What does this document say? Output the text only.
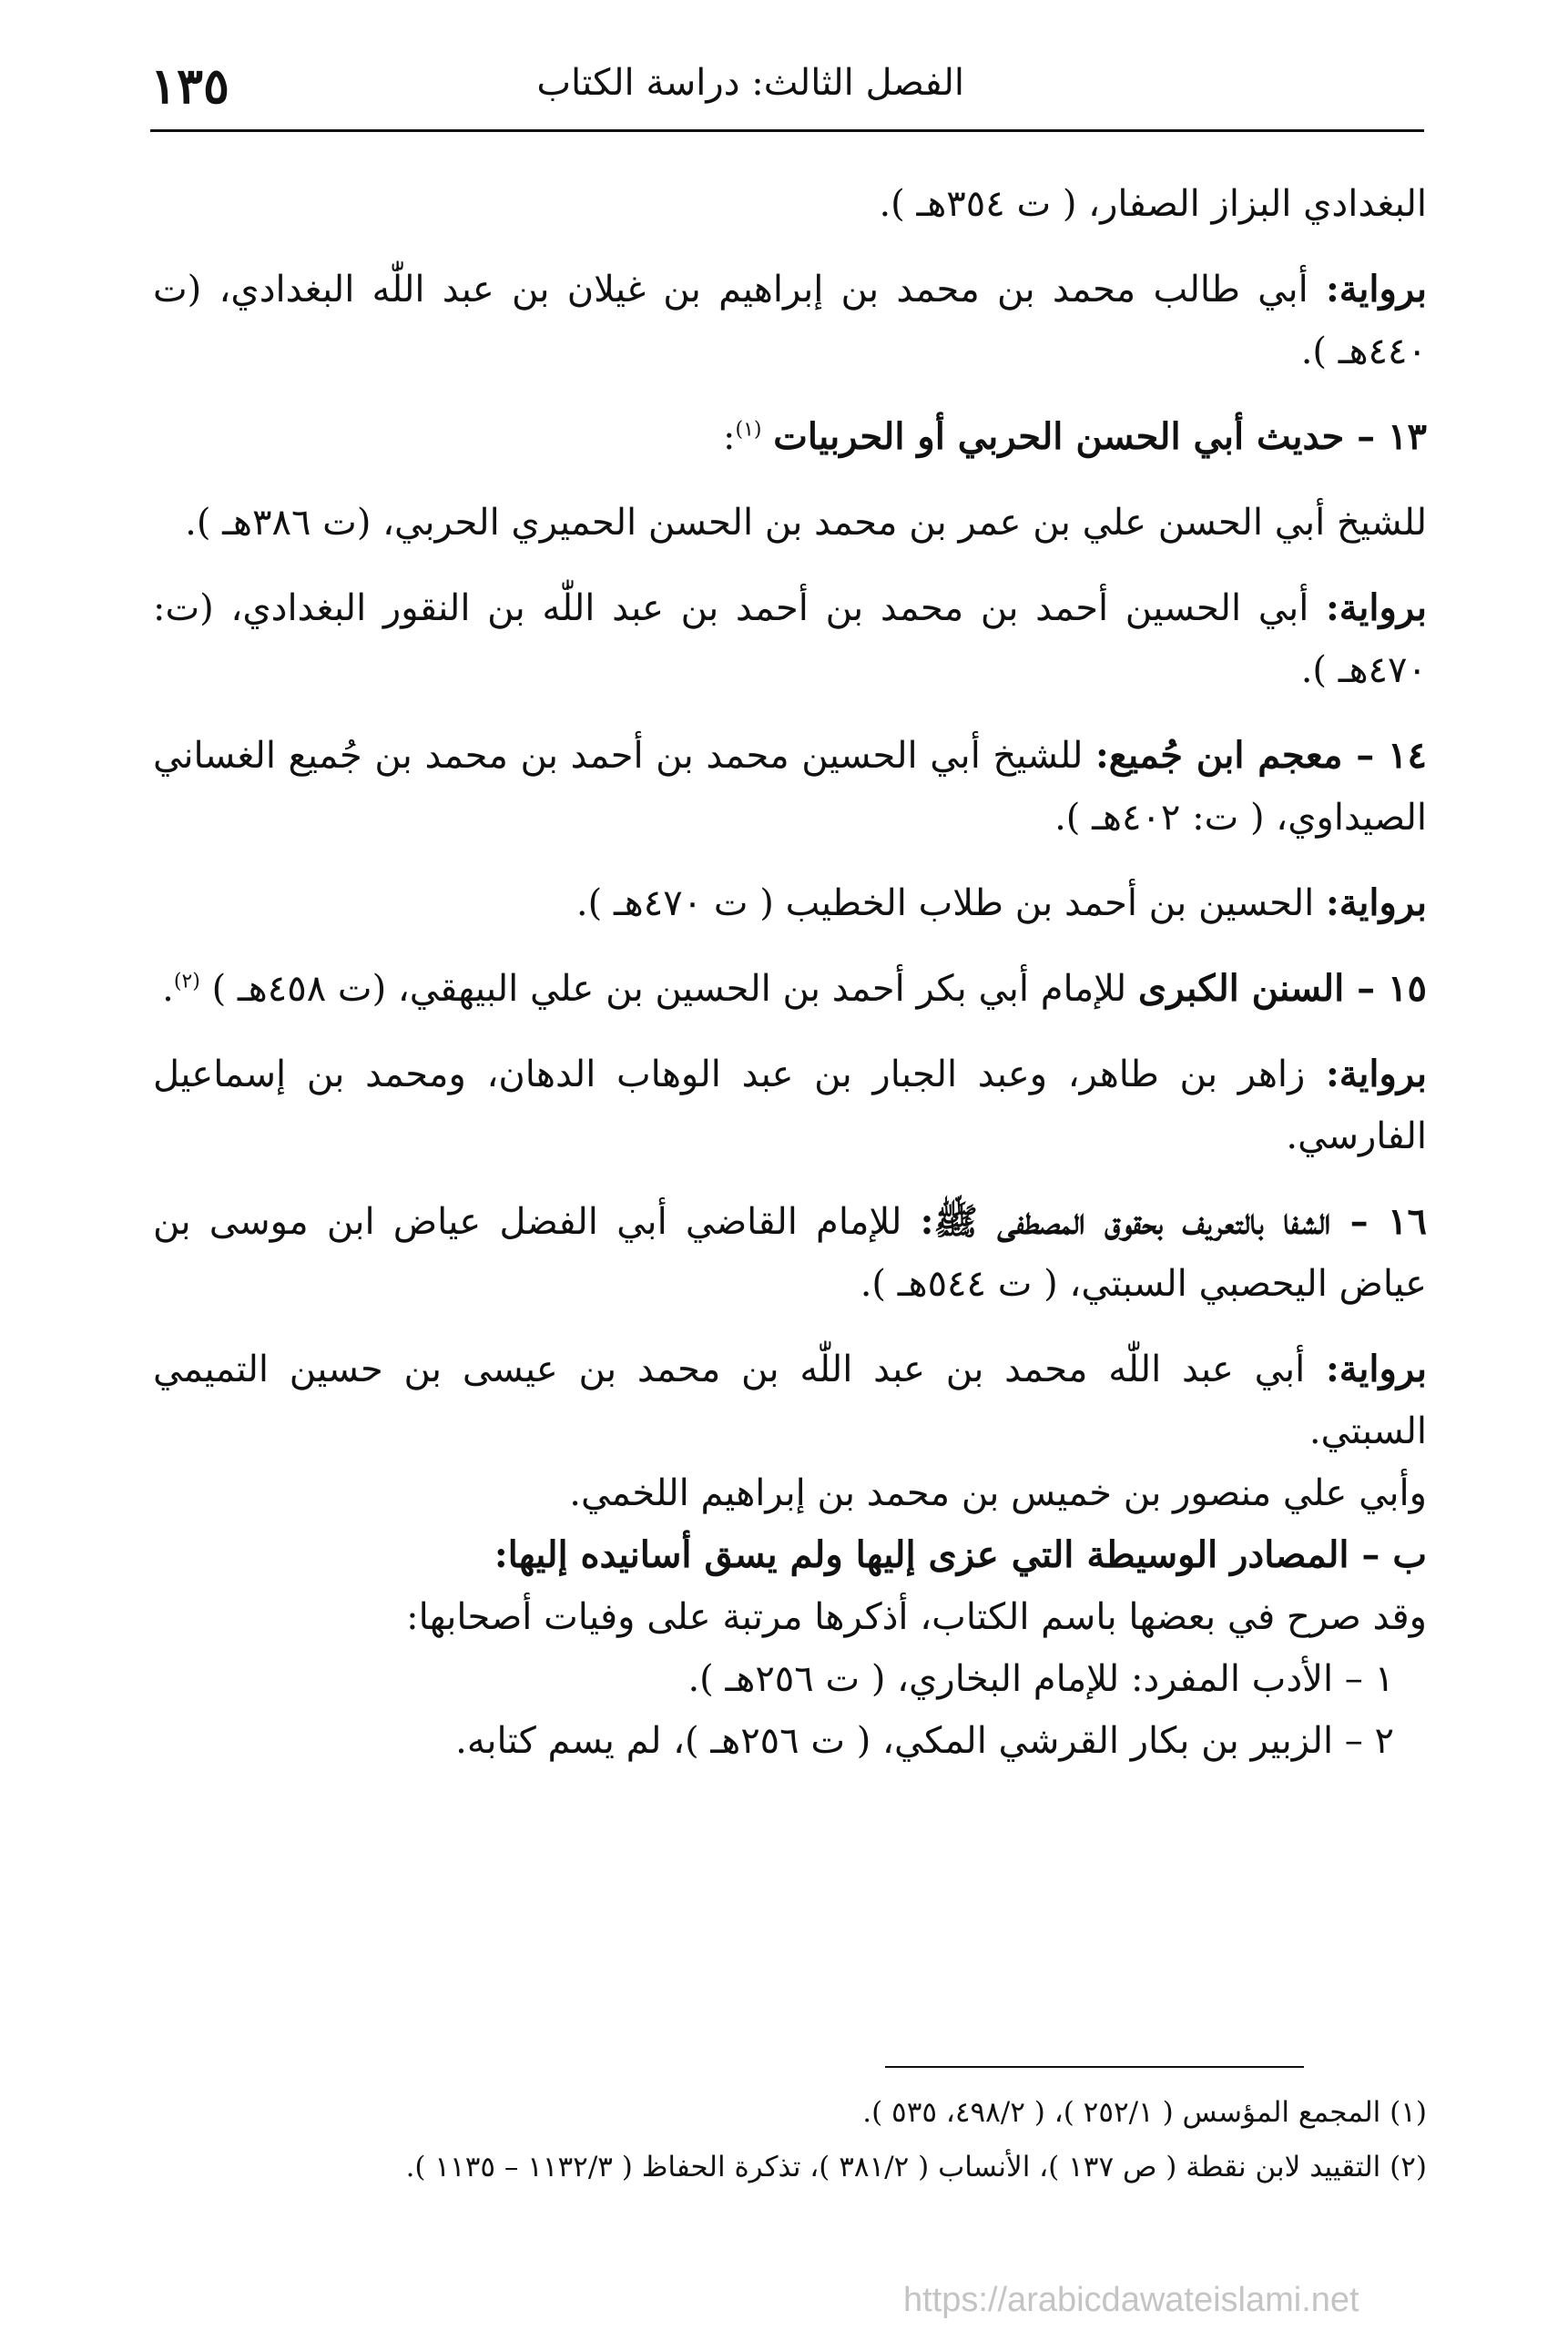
الفصل الثالث: دراسة الكتاب
١٣٥

البغدادي البزاز الصفار، ( ت ٣٥٤هـ ).

برواية: أبي طالب محمد بن محمد بن إبراهيم بن غيلان بن عبد اللّٰه البغدادي، (ت ٤٤٠هـ ).

١٣ – حديث أبي الحسن الحربي أو الحربيات $^{(١)}$:

للشيخ أبي الحسن علي بن عمر بن محمد بن الحسن الحميري الحربي، (ت ٣٨٦هـ ).

برواية: أبي الحسين أحمد بن محمد بن أحمد بن عبد اللّٰه بن النقور البغدادي، (ت: ٤٧٠هـ ).

١٤ – معجم ابن جُميع: للشيخ أبي الحسين محمد بن أحمد بن محمد بن جُميع الغساني الصيداوي، ( ت: ٤٠٢هـ ).

برواية: الحسين بن أحمد بن طلاب الخطيب ( ت ٤٧٠هـ ).

١٥ – السنن الكبرى للإمام أبي بكر أحمد بن الحسين بن علي البيهقي، (ت ٤٥٨هـ ) $^{(٢)}$.

برواية: زاهر بن طاهر، وعبد الجبار بن عبد الوهاب الدهان، ومحمد بن إسماعيل الفارسي.

١٦ – الشفا بالتعريف بحقوق المصطفى ﷺ: للإمام القاضي أبي الفضل عياض ابن موسى بن عياض اليحصبي السبتي، ( ت ٥٤٤هـ ).

برواية: أبي عبد اللّٰه محمد بن عبد اللّٰه بن محمد بن عيسى بن حسين التميمي السبتي.

وأبي علي منصور بن خميس بن محمد بن إبراهيم اللخمي.

ب – المصادر الوسيطة التي عزى إليها ولم يسق أسانيده إليها:

وقد صرح في بعضها باسم الكتاب، أذكرها مرتبة على وفيات أصحابها:

١ – الأدب المفرد: للإمام البخاري، ( ت ٢٥٦هـ ).

٢ – الزبير بن بكار القرشي المكي، ( ت ٢٥٦هـ )، لم يسم كتابه.

(١) المجمع المؤسس ( ٢٥٢/١ )، ( ٤٩٨/٢، ٥٣٥ ).

(٢) التقييد لابن نقطة ( ص ١٣٧ )، الأنساب ( ٣٨١/٢ )، تذكرة الحفاظ ( ١١٣٢/٣ – ١١٣٥ ).

https://arabicdawateislami.net
